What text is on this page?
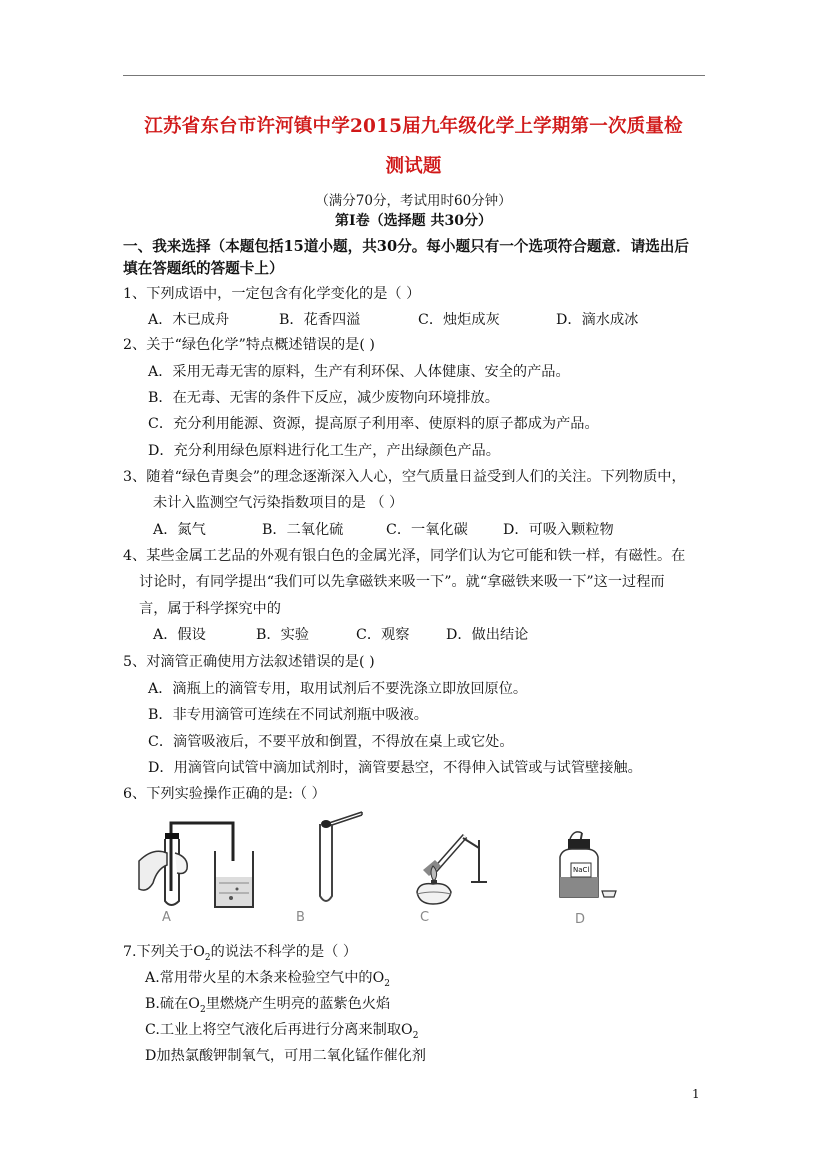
江苏省东台市许河镇中学2015届九年级化学上学期第一次质量检
测试题
（满分70分，考试用时60分钟）
第Ⅰ卷（选择题 共30分）
一、我来选择（本题包括15道小题，共30分。每小题只有一个选项符合题意．请选出后
填在答题纸的答题卡上）
1、下列成语中，一定包含有化学变化的是（ ）
A．木已成舟	B．花香四溢	C．烛炬成灰	D．滴水成冰
2、关于“绿色化学”特点概述错误的是( )
A．采用无毒无害的原料，生产有利环保、人体健康、安全的产品。
B．在无毒、无害的条件下反应，减少废物向环境排放。
C．充分利用能源、资源，提高原子利用率、使原料的原子都成为产品。
D．充分利用绿色原料进行化工生产，产出绿颜色产品。
3、随着“绿色青奥会”的理念逐渐深入人心，空气质量日益受到人们的关注。下列物质中，
未计入监测空气污染指数项目的是 （ ）
A．氮气	B．二氧化硫	C．一氧化碳 D．可吸入颗粒物
4、某些金属工艺品的外观有银白色的金属光泽，同学们认为它可能和铁一样，有磁性。在
讨论时，有同学提出“我们可以先拿磁铁来吸一下”。就“拿磁铁来吸一下”这一过程而
言，属于科学探究中的
A．假设	B．实验	C．观察	D．做出结论
5、对滴管正确使用方法叙述错误的是( )
A．滴瓶上的滴管专用，取用试剂后不要洗涤立即放回原位。
B．非专用滴管可连续在不同试剂瓶中吸液。
C．滴管吸液后，不要平放和倒置，不得放在桌上或它处。
D．用滴管向试管中滴加试剂时，滴管要悬空，不得伸入试管或与试管壁接触。
6、下列实验操作正确的是:（ ）
A	B	C
NaCl
D
7.下列关于$O_2$的说法不科学的是（ ）
A.常用带火星的木条来检验空气中的$O_2$
B.硫在$O_2$里燃烧产生明亮的蓝紫色火焰
C.工业上将空气液化后再进行分离来制取$O_2$
D加热氯酸钾制氧气，可用二氧化锰作催化剂
1
